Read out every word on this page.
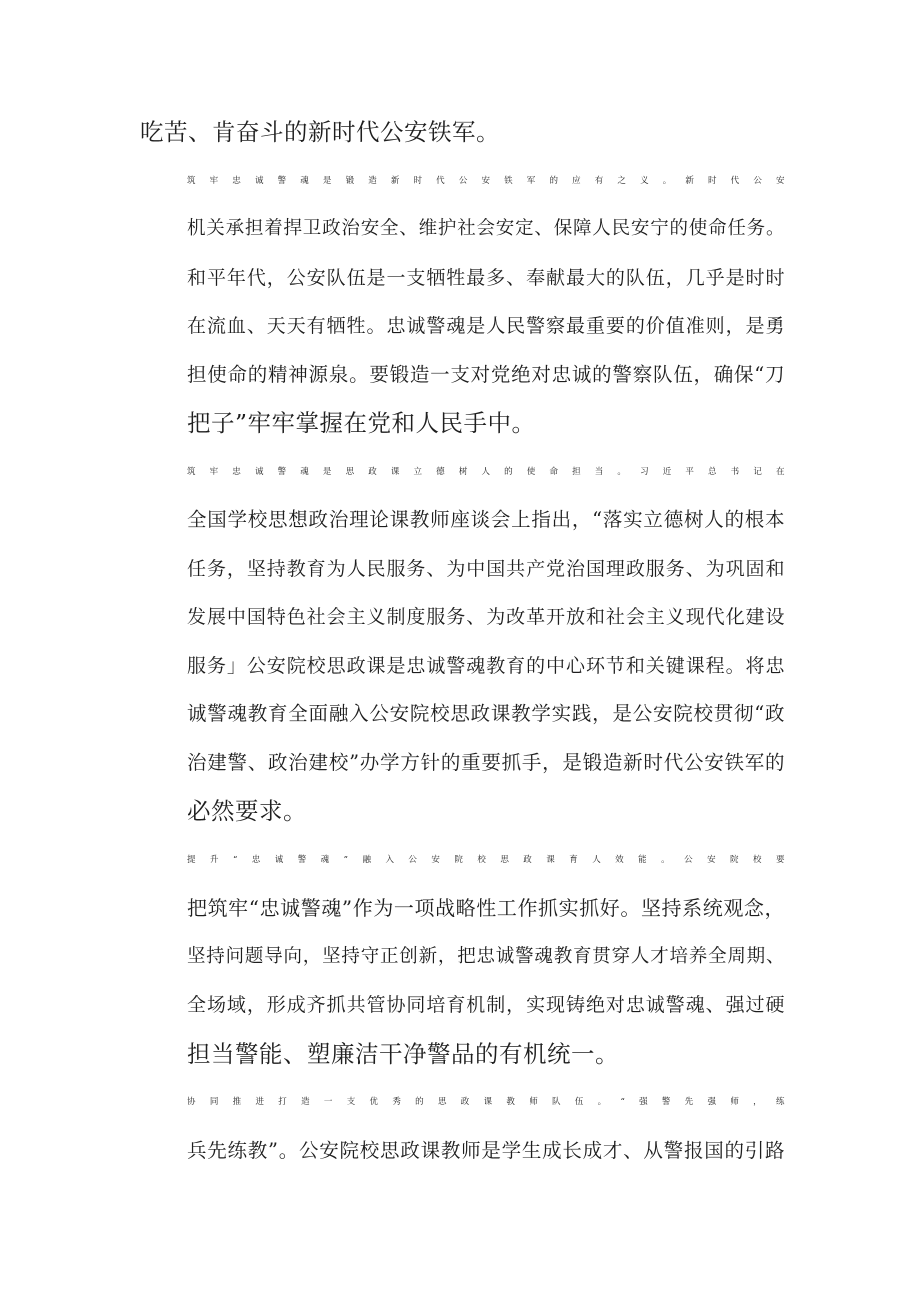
吃苦、肯奋斗的新时代公安铁军。

筑牢忠诚警魂是锻造新时代公安铁军的应有之义。新时代公安
机关承担着捍卫政治安全、维护社会安定、保障人民安宁的使命任务。
和平年代，公安队伍是一支牺牲最多、奉献最大的队伍，几乎是时时
在流血、天天有牺牲。忠诚警魂是人民警察最重要的价值准则，是勇
担使命的精神源泉。要锻造一支对党绝对忠诚的警察队伍，确保“刀
把子”牢牢掌握在党和人民手中。

筑牢忠诚警魂是思政课立德树人的使命担当。习近平总书记在
全国学校思想政治理论课教师座谈会上指出，“落实立德树人的根本
任务，坚持教育为人民服务、为中国共产党治国理政服务、为巩固和
发展中国特色社会主义制度服务、为改革开放和社会主义现代化建设
服务」公安院校思政课是忠诚警魂教育的中心环节和关键课程。将忠
诚警魂教育全面融入公安院校思政课教学实践，是公安院校贯彻“政
治建警、政治建校”办学方针的重要抓手，是锻造新时代公安铁军的
必然要求。

提升“忠诚警魂”融入公安院校思政课育人效能。公安院校要
把筑牢“忠诚警魂”作为一项战略性工作抓实抓好。坚持系统观念，
坚持问题导向，坚持守正创新，把忠诚警魂教育贯穿人才培养全周期、
全场域，形成齐抓共管协同培育机制，实现铸绝对忠诚警魂、强过硬
担当警能、塑廉洁干净警品的有机统一。

协同推进打造一支优秀的思政课教师队伍。“强警先强师，练
兵先练教”。公安院校思政课教师是学生成长成才、从警报国的引路
